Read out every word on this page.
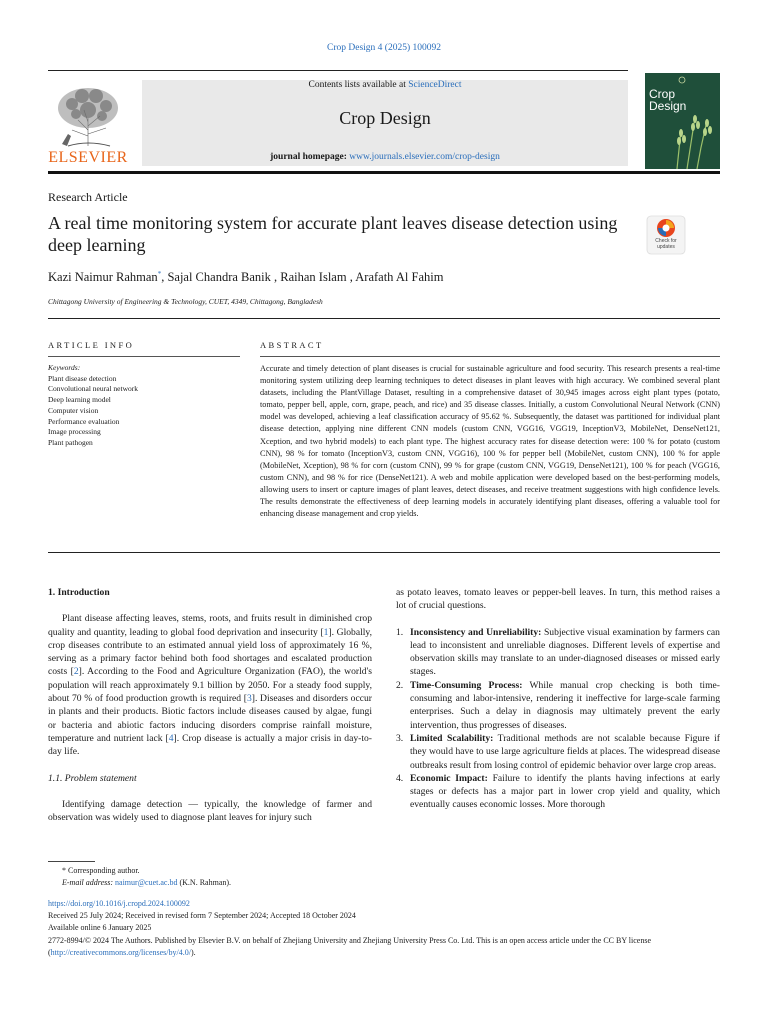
Crop Design 4 (2025) 100092
ELSEVIER
Contents lists available at ScienceDirect
Crop Design
journal homepage: www.journals.elsevier.com/crop-design
Crop
Design
Research Article
A real time monitoring system for accurate plant leaves disease detection using deep learning	Check for
updates
Kazi Naimur Rahman*, Sajal Chandra Banik , Raihan Islam , Arafath Al Fahim
Chittagong University of Engineering & Technology, CUET, 4349, Chittagong, Bangladesh
ARTICLE INFO
Keywords:
Plant disease detection
Convolutional neural network
Deep learning model
Computer vision
Performance evaluation
Image processing
Plant pathogen
ABSTRACT
Accurate and timely detection of plant diseases is crucial for sustainable agriculture and food security. This research presents a real-time monitoring system utilizing deep learning techniques to detect diseases in plant leaves with high accuracy. We combined several plant datasets, including the PlantVillage Dataset, resulting in a comprehensive dataset of 30,945 images across eight plant types (potato, tomato, pepper bell, apple, corn, grape, peach, and rice) and 35 disease classes. Initially, a custom Convolutional Neural Network (CNN) model was developed, achieving a leaf classification accuracy of 95.62 %. Subsequently, the dataset was partitioned for individual plant disease detection, applying nine different CNN models (custom CNN, VGG16, VGG19, InceptionV3, MobileNet, DenseNet121, Xception, and two hybrid models) to each plant type. The highest accuracy rates for disease detection were: 100 % for potato (custom CNN), 98 % for tomato (InceptionV3, custom CNN, VGG16), 100 % for pepper bell (MobileNet, custom CNN), 100 % for apple (MobileNet, Xception), 98 % for corn (custom CNN), 99 % for grape (custom CNN, VGG19, DenseNet121), 100 % for peach (VGG16, custom CNN), and 98 % for rice (DenseNet121). A web and mobile application were developed based on the best-performing models, allowing users to insert or capture images of plant leaves, detect diseases, and receive treatment suggestions with high confidence levels. The results demonstrate the effectiveness of deep learning models in accurately identifying plant diseases, offering a valuable tool for enhancing disease management and crop yields.

1. Introduction

Plant disease affecting leaves, stems, roots, and fruits result in diminished crop quality and quantity, leading to global food deprivation and insecurity [1]. Globally, crop diseases contribute to an estimated annual yield loss of approximately 16 %, serving as a primary factor behind both food shortages and escalated production costs [2]. According to the Food and Agriculture Organization (FAO), the world's population will reach approximately 9.1 billion by 2050. For a steady food supply, about 70 % of food production growth is required [3]. Diseases and disorders occur in plants and their products. Biotic factors include diseases caused by algae, fungi or bacteria and abiotic factors inducing disorders comprise rainfall moisture, temperature and nutrient lack [4]. Crop disease is actually a major crisis in day-to-day life.

1.1. Problem statement

Identifying damage detection — typically, the knowledge of farmer and observation was widely used to diagnose plant leaves for injury such

as potato leaves, tomato leaves or pepper-bell leaves. In turn, this method raises a lot of crucial questions.

1. Inconsistency and Unreliability: Subjective visual examination by farmers can lead to inconsistent and unreliable diagnoses. Different levels of expertise and observation skills may translate to an under-diagnosed diseases or missed early stages.
2. Time-Consuming Process: While manual crop checking is both time-consuming and labor-intensive, rendering it ineffective for large-scale farming enterprises. Such a delay in diagnosis may ultimately prevent the early intervention, thus progresses of diseases.
3. Limited Scalability: Traditional methods are not scalable because Figure if they would have to use large agriculture fields at places. The widespread disease outbreaks result from losing control of epidemic behavior over large crop areas.
4. Economic Impact: Failure to identify the plants having infections at early stages or defects has a major part in lower crop yield and quality, which eventually causes economic losses. More thorough
* Corresponding author.
E-mail address: naimur@cuet.ac.bd (K.N. Rahman).
https://doi.org/10.1016/j.cropd.2024.100092
Received 25 July 2024; Received in revised form 7 September 2024; Accepted 18 October 2024
Available online 6 January 2025
2772-8994/© 2024 The Authors. Published by Elsevier B.V. on behalf of Zhejiang University and Zhejiang University Press Co. Ltd. This is an open access article under the CC BY license (http://creativecommons.org/licenses/by/4.0/).
